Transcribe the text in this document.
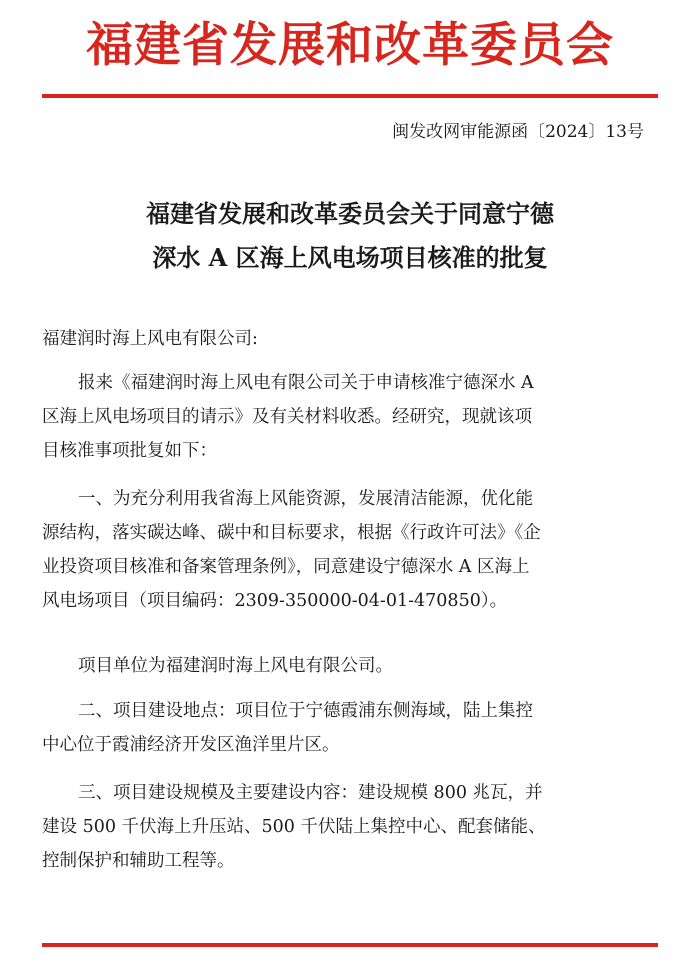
福建省发展和改革委员会
闽发改网审能源函〔2024〕13号
福建省发展和改革委员会关于同意宁德
深水 A 区海上风电场项目核准的批复
福建润时海上风电有限公司:
报来《福建润时海上风电有限公司关于申请核准宁德深水 A
区海上风电场项目的请示》及有关材料收悉。经研究，现就该项
目核准事项批复如下：
一、为充分利用我省海上风能资源，发展清洁能源，优化能
源结构，落实碳达峰、碳中和目标要求，根据《行政许可法》《企
业投资项目核准和备案管理条例》，同意建设宁德深水 A 区海上
风电场项目（项目编码：2309-350000-04-01-470850）。
项目单位为福建润时海上风电有限公司。
二、项目建设地点：项目位于宁德霞浦东侧海域，陆上集控
中心位于霞浦经济开发区渔洋里片区。
三、项目建设规模及主要建设内容：建设规模 800 兆瓦，并
建设 500 千伏海上升压站、500 千伏陆上集控中心、配套储能、
控制保护和辅助工程等。
